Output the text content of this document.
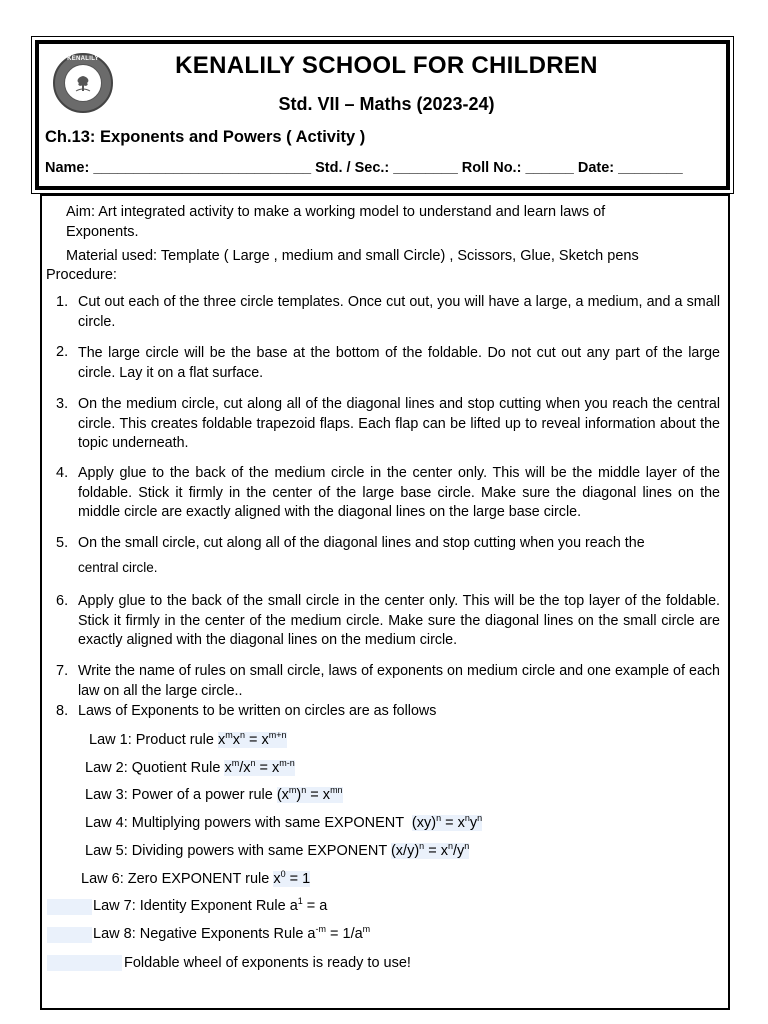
KENALILY	KENALILY SCHOOL FOR CHILDREN
Std. VII – Maths (2023-24)
Ch.13: Exponents and Powers ( Activity )
Name: ___________________________ Std. / Sec.: ________ Roll No.: ______ Date: ________
Aim: Art integrated activity to make a working model to understand and learn laws of
Exponents.
Material used: Template ( Large , medium and small Circle) , Scissors, Glue, Sketch pens
Procedure:
1. Cut out each of the three circle templates. Once cut out, you will have a large, a medium, and a small circle.
2. The large circle will be the base at the bottom of the foldable. Do not cut out any part of the large circle. Lay it on a flat surface.
3. On the medium circle, cut along all of the diagonal lines and stop cutting when you reach the central circle. This creates foldable trapezoid flaps. Each flap can be lifted up to reveal information about the topic underneath.
4. Apply glue to the back of the medium circle in the center only. This will be the middle layer of the foldable. Stick it firmly in the center of the large base circle. Make sure the diagonal lines on the middle circle are exactly aligned with the diagonal lines on the large base circle.
5. On the small circle, cut along all of the diagonal lines and stop cutting when you reach the
central circle.
6. Apply glue to the back of the small circle in the center only. This will be the top layer of the foldable. Stick it firmly in the center of the medium circle. Make sure the diagonal lines on the small circle are exactly aligned with the diagonal lines on the medium circle.
7. Write the name of rules on small circle, laws of exponents on medium circle and one example of each law on all the large circle..
8. Laws of Exponents to be written on circles are as follows
Law 1: Product rule $x^mx^n = x^{m+n}$
Law 2: Quotient Rule $x^m/x^n = x^{m-n}$
Law 3: Power of a power rule $(x^m)^n = x^{mn}$
Law 4: Multiplying powers with same EXPONENT  $(xy)^n = x^ny^n$
Law 5: Dividing powers with same EXPONENT $(x/y)^n = x^n/y^n$
Law 6: Zero EXPONENT rule $x^0 = 1$
Law 7: Identity Exponent Rule $a^1 = a$
Law 8: Negative Exponents Rule $a^{-m} = 1/a^m$
Foldable wheel of exponents is ready to use!
